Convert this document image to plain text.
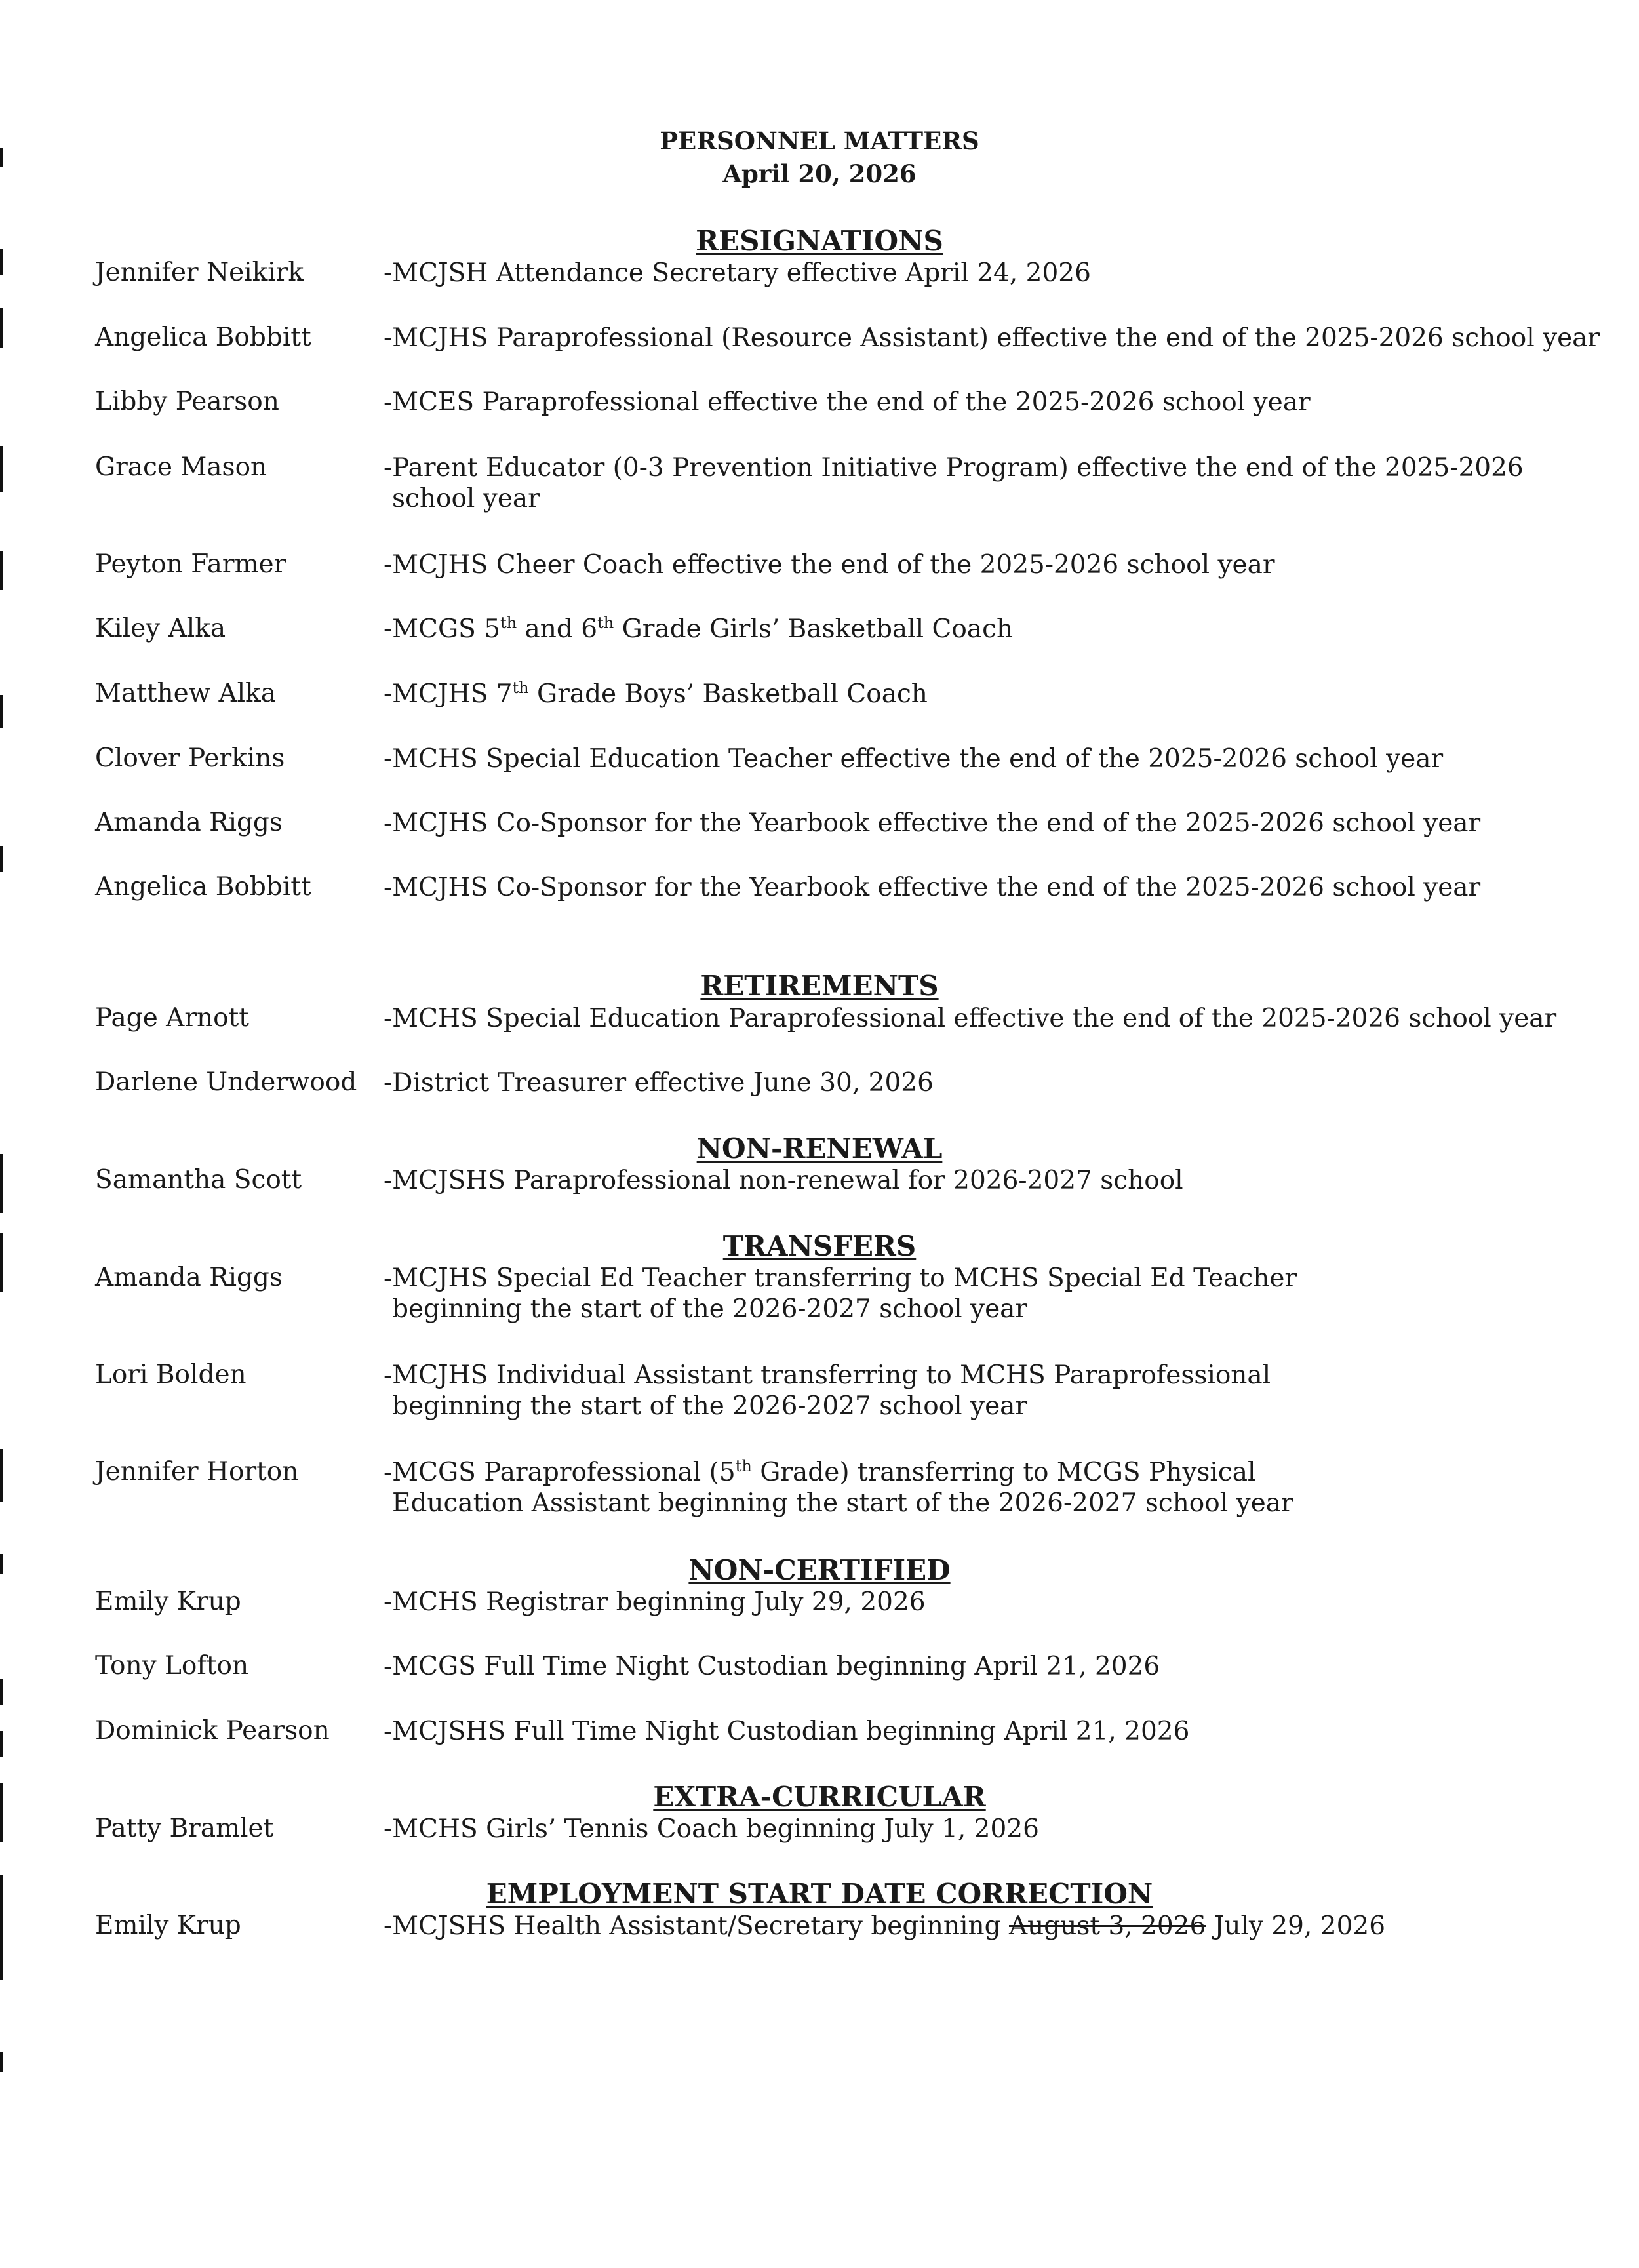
PERSONNEL MATTERS
April 20, 2026
RESIGNATIONS
Jennifer Neikirk	-MCJSH Attendance Secretary effective April 24, 2026
Angelica Bobbitt	-MCJHS Paraprofessional (Resource Assistant) effective the end of the 2025-2026 school year
Libby Pearson	-MCES Paraprofessional effective the end of the 2025-2026 school year
Grace Mason	-Parent Educator (0-3 Prevention Initiative Program) effective the end of the 2025-2026
school year
Peyton Farmer	-MCJHS Cheer Coach effective the end of the 2025-2026 school year
Kiley Alka	-MCGS 5th and 6th Grade Girls’ Basketball Coach
Matthew Alka	-MCJHS 7th Grade Boys’ Basketball Coach
Clover Perkins	-MCHS Special Education Teacher effective the end of the 2025-2026 school year
Amanda Riggs	-MCJHS Co-Sponsor for the Yearbook effective the end of the 2025-2026 school year
Angelica Bobbitt	-MCJHS Co-Sponsor for the Yearbook effective the end of the 2025-2026 school year
RETIREMENTS
Page Arnott	-MCHS Special Education Paraprofessional effective the end of the 2025-2026 school year
Darlene Underwood -District Treasurer effective June 30, 2026
NON-RENEWAL
Samantha Scott	-MCJSHS Paraprofessional non-renewal for 2026-2027 school
TRANSFERS
Amanda Riggs	-MCJHS Special Ed Teacher transferring to MCHS Special Ed Teacher
beginning the start of the 2026-2027 school year
Lori Bolden	-MCJHS Individual Assistant transferring to MCHS Paraprofessional
beginning the start of the 2026-2027 school year
Jennifer Horton	-MCGS Paraprofessional (5th Grade) transferring to MCGS Physical
Education Assistant beginning the start of the 2026-2027 school year
NON-CERTIFIED
Emily Krup	-MCHS Registrar beginning July 29, 2026
Tony Lofton	-MCGS Full Time Night Custodian beginning April 21, 2026
Dominick Pearson -MCJSHS Full Time Night Custodian beginning April 21, 2026
EXTRA-CURRICULAR
Patty Bramlet	-MCHS Girls’ Tennis Coach beginning July 1, 2026
EMPLOYMENT START DATE CORRECTION
Emily Krup	-MCJSHS Health Assistant/Secretary beginning August 3, 2026 July 29, 2026
